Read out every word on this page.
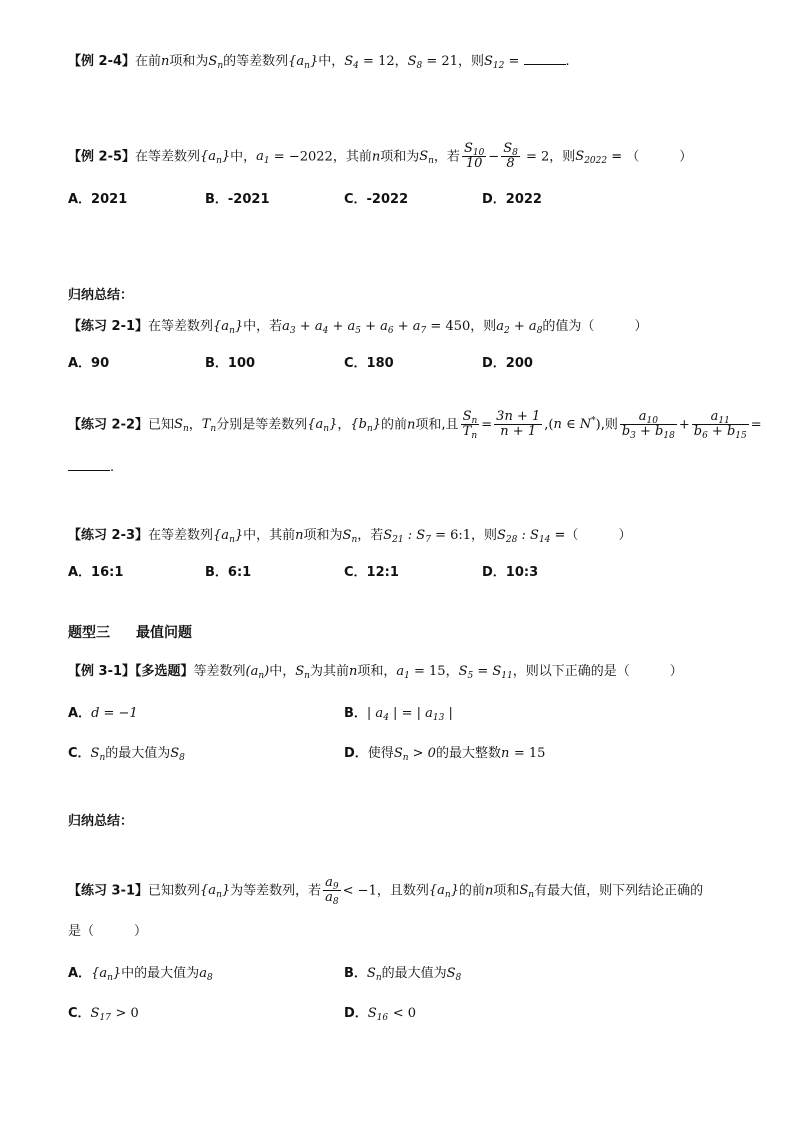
【例 2-4】在前n项和为$S_n$的等差数列$\{a_n\}$中，$S_4 = 12$，$S_8 = 21$，则$S_{12}$ =	.
【例 2-5】在等差数列$\{a_n\}$中，$a_1 = -2022$，其前n项和为$S_n$，若 $\frac{S_{10}}{10} - \frac{S_8}{8} = 2$，则$S_{2022}$ = （	）
A．2021	B．-2021	C．-2022	D．2022
归纳总结：
【练习 2-1】在等差数列$\{a_n\}$中，若$a_3 + a_4 + a_5 + a_6 + a_7 = 450$，则$a_2 + a_8$的值为（	）
A．90	B．100	C．180	D．200
【练习 2-2】已知$S_n$，$T_n$分别是等差数列$\{a_n\}$，$\{b_n\}$的前n项和,且 $\frac{S_n}{T_n} = \frac{3n + 1}{n + 1} ,(n$ ∈ N*),则 $\frac{a_{10}}{b_3 + b_{18}} + \frac{a_{11}}{b_6 + b_{15}}$ =
.
【练习 2-3】在等差数列$\{a_n\}$中，其前n项和为$S_n$，若$S_{21}$ : $S_7$ = 6:1，则$S_{28}$ : $S_{14}$ =（	）
A．16:1	B．6:1	C．12:1	D．10:3
题型三 最值问题
【例 3-1】【多选题】等差数列$(a_n)$中，$S_n$为其前n项和，$a_1 = 15$，$S_5 = S_{11}$，则以下正确的是（	）
A．d = −1	B．| $a_4$ | = | $a_{13}$ |
C．$S_n$的最大值为$S_8$	D．使得$S_n > 0$的最大整数n = 15
归纳总结：
【练习 3-1】已知数列$\{a_n\}$为等差数列，若 $\frac{a_9}{a_8} < -1$，且数列$\{a_n\}$的前n项和$S_n$有最大值，则下列结论正确的
是（	）
A．$\{a_n\}$中的最大值为$a_8$	B．$S_n$的最大值为$S_8$
C．$S_{17} > 0$	D．$S_{16} < 0$
